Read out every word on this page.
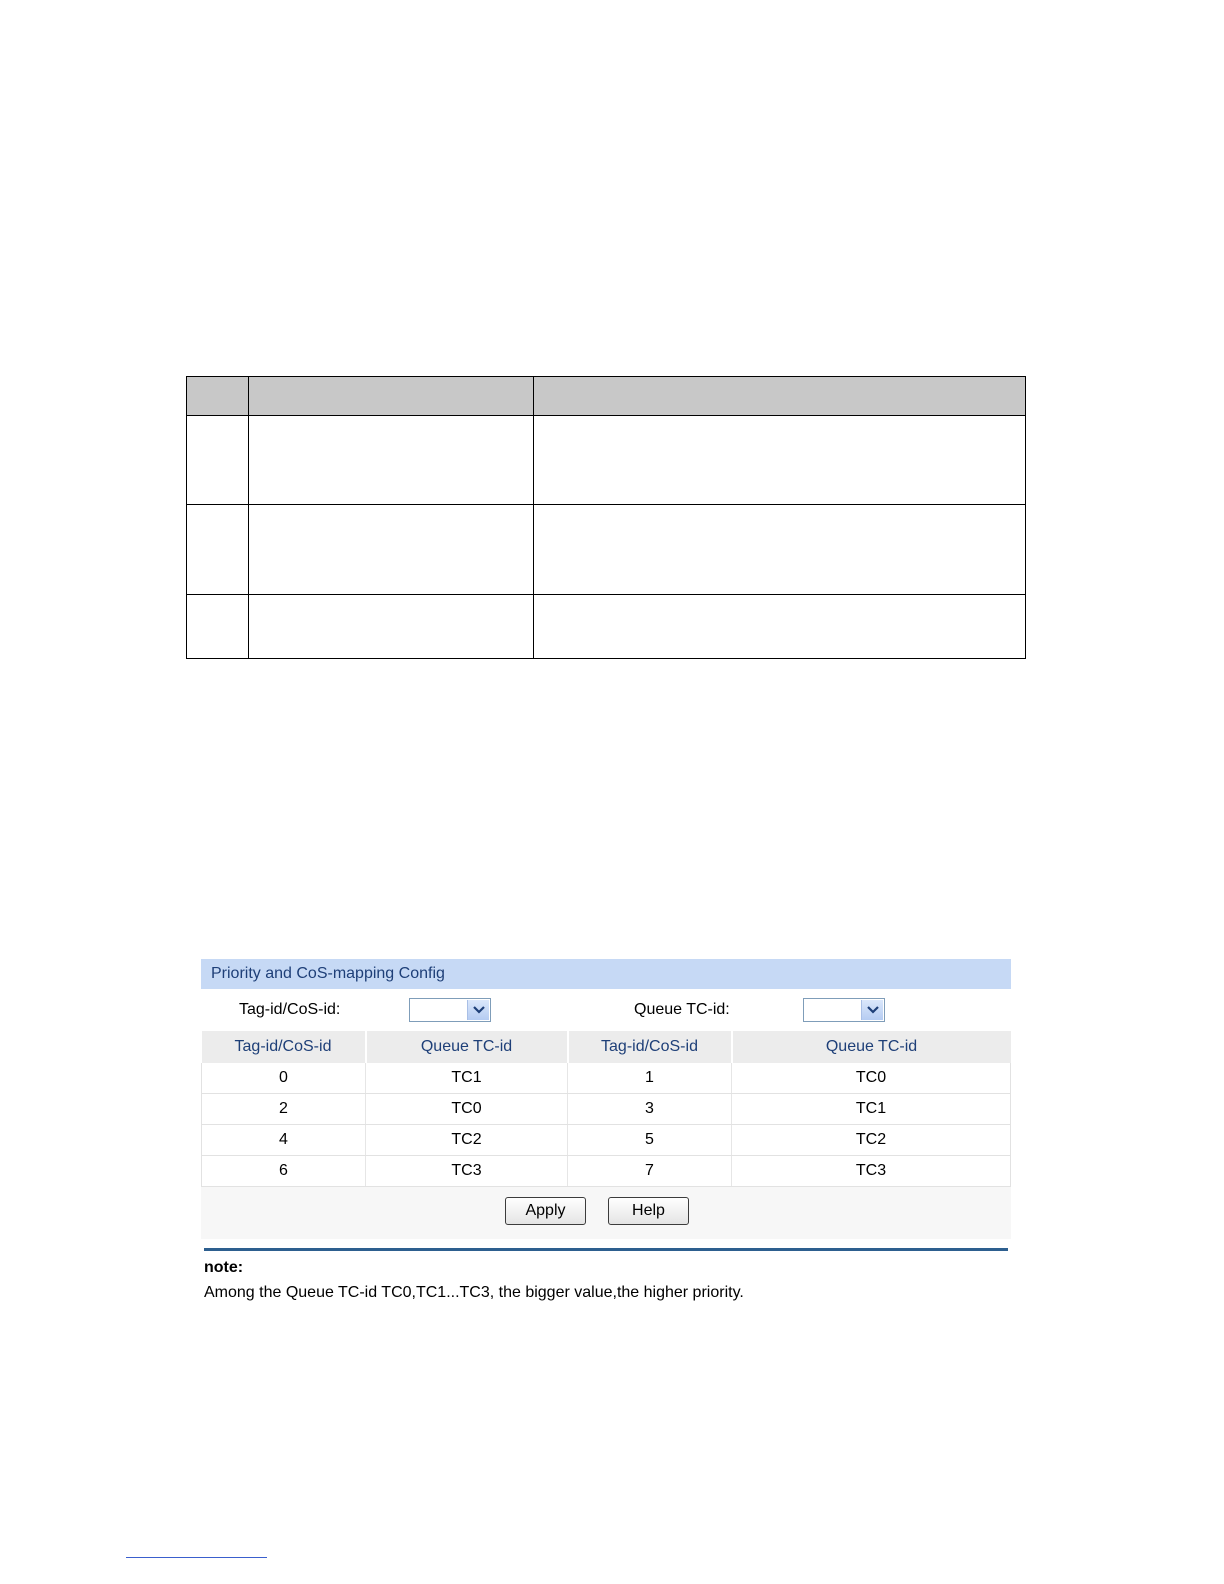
Priority and CoS-mapping Config
Tag-id/CoS-id:	Queue TC-id:
Tag-id/CoS-id	Queue TC-id	Tag-id/CoS-id	Queue TC-id
0	TC1	1	TC0
2	TC0	3	TC1
4	TC2	5	TC2
6	TC3	7	TC3
Apply	Help
note:
Among the Queue TC-id TC0,TC1...TC3, the bigger value,the higher priority.
